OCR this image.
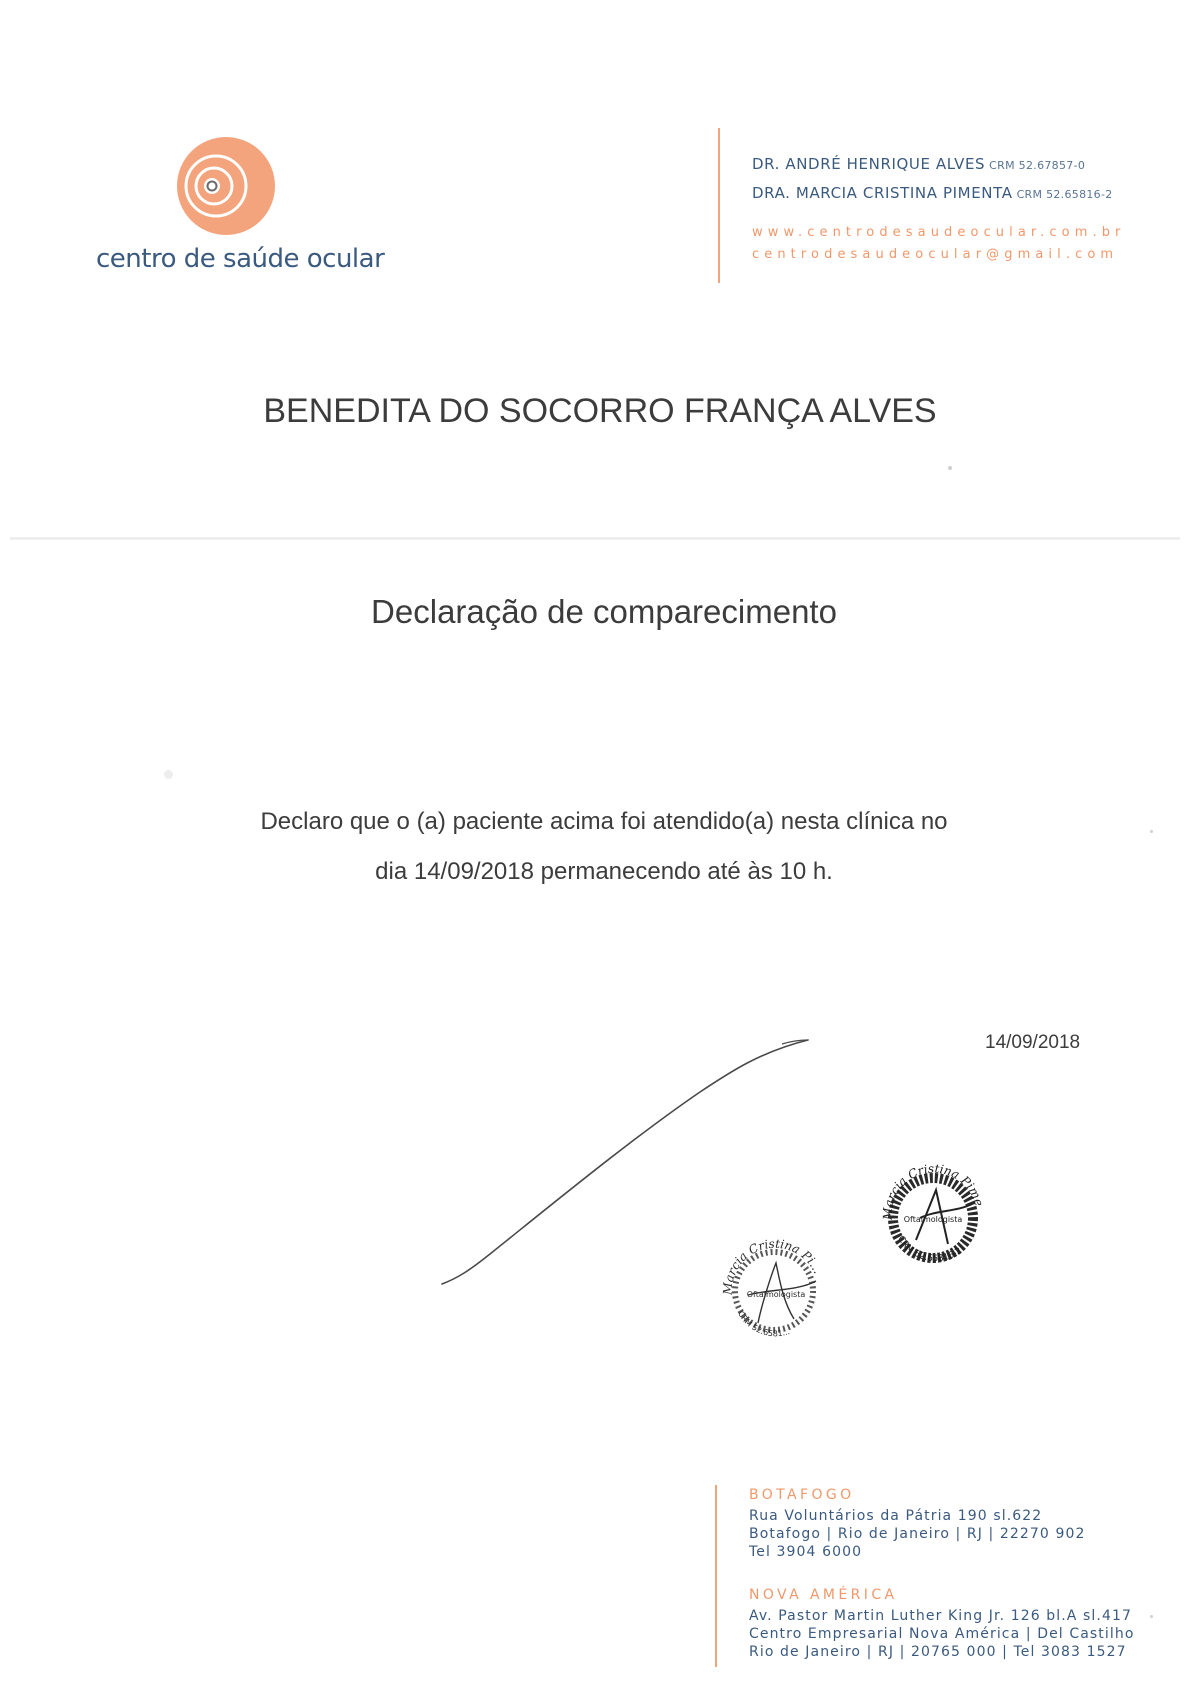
centro de saúde ocular
DR. ANDRÉ HENRIQUE ALVES CRM 52.67857-0
DRA. MARCIA CRISTINA PIMENTA CRM 52.65816-2
www.centrodesaudeocular.com.br
centrodesaudeocular@gmail.com
BENEDITA DO SOCORRO FRANÇA ALVES
Declaração de comparecimento
Declaro que o (a) paciente acima foi atendido(a) nesta clínica no
dia 14/09/2018 permanecendo até às 10 h.
14/09/2018
Marcia Cristina Pime
CRM 52.65816-2
Oftalmologista
Marcia Cristina Pi...
CRM 52.6581...
Oftalmologista
BOTAFOGO
Rua Voluntários da Pátria 190 sl.622
Botafogo | Rio de Janeiro | RJ | 22270 902
Tel 3904 6000
NOVA AMÉRICA
Av. Pastor Martin Luther King Jr. 126 bl.A sl.417
Centro Empresarial Nova América | Del Castilho
Rio de Janeiro | RJ | 20765 000 | Tel 3083 1527
